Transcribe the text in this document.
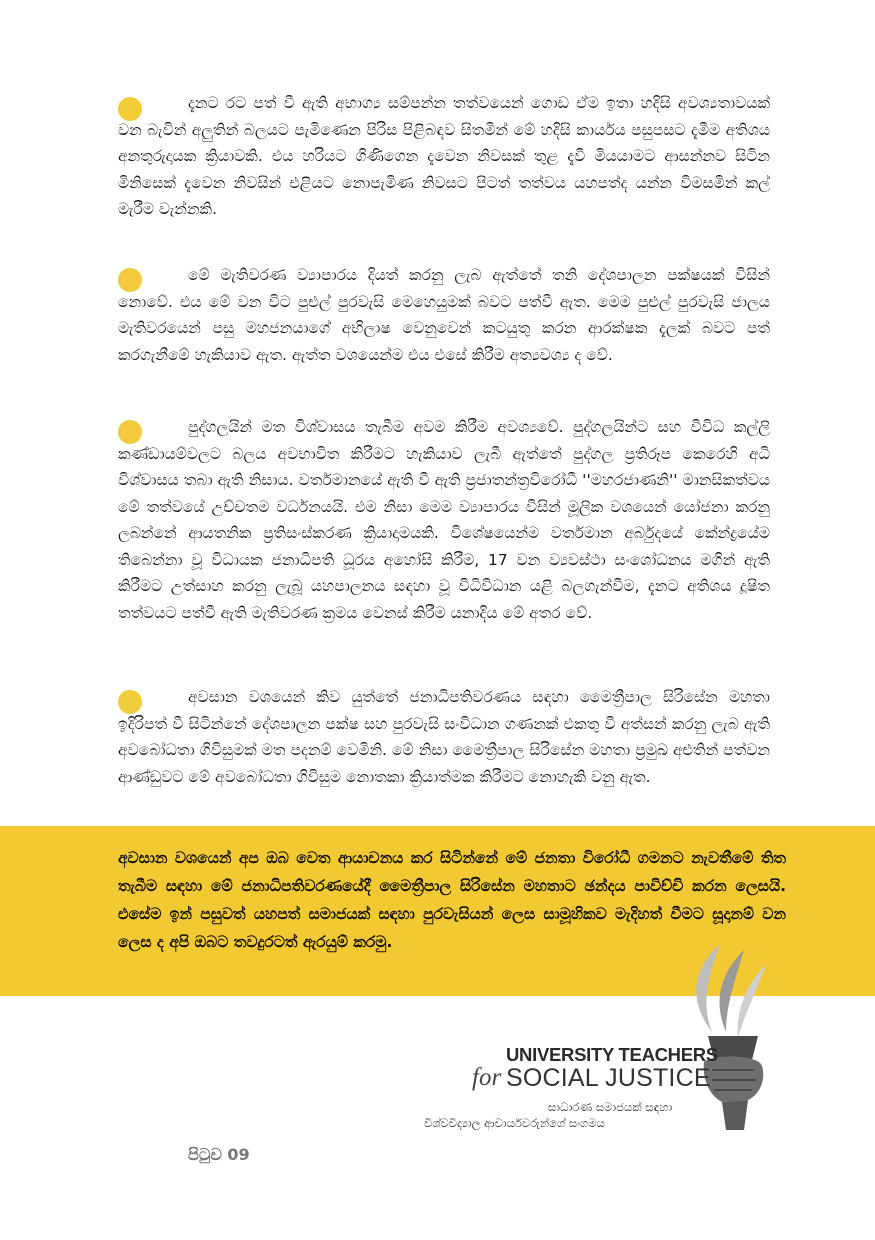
දැනට රට පත් වී ඇති අභාග්‍ය සම්පන්න තත්වයෙන් ගොඩ ඒම ඉතා හදිසි අවශ්‍යතාවයක් වන බැවින් අලුතින් බලයට පැමිණෙන පිරිස පිළිබඳව සිතමින් මේ හදිසි කාර්යය පසුපසට දැමීම අතිශය අනතුරුදායක ක්‍රියාවකි. එය හරියට ගිණිගෙන දැවෙන නිවසක් තුළ දැවී මියයාමට ආසන්නව සිටින මිනිසෙක් දැවෙන නිවසින් එළියට නොපැමිණ නිවසට පිටත් තත්වය යහපත්ද යන්න විමසමින් කල් මැරීම වැන්නකි.

මේ මැතිවරණ ව්‍යාපාරය දියත් කරනු ලැබ ඇත්තේ තනි දේශපාලන පක්ෂයක් විසින් නොවේ. එය මේ වන විට පුළුල් පුරවැසි මෙහෙයුමක් බවට පත්වී ඇත. මෙම පුළුල් පුරවැසි ජාලය මැතිවරයෙන් පසු මහජනයාගේ අභිලාෂ වෙනුවෙන් කටයුතු කරන ආරක්ෂක දැලක් බවට පත් කරගැනීමේ හැකියාව ඇත. ඇත්ත වශයෙන්ම එය එසේ කිරීම අත්‍යවශ්‍ය ද වේ.

පුද්ගලයින් මත විශ්වාසය තැබීම අවම කිරීම අවශ්‍යවේ. පුද්ගලයින්ට සහ විවිධ කල්ලි කණ්ඩායම්වලට බලය අවභාවිත කිරීමට හැකියාව ලැබී ඇත්තේ පුද්ගල ප්‍රතිරූප කෙරෙහි අධි විශ්වාසය තබා ඇති නිසාය. වර්තමානයේ ඇති වී ඇති ප්‍රජාතන්ත්‍රවිරෝධී ''මහරජාණනි'' මානසිකත්වය මේ තත්වයේ උච්චතම වර්ධනයයි. එම නිසා මෙම ව්‍යාපාරය විසින් මූලික වශයෙන් යෝජනා කරනු ලබන්නේ ආයතනික ප්‍රතිසංස්කරණ ක්‍රියාදාමයකි. විශේෂයෙන්ම වර්තමාන අර්බුදයේ කේන්ද්‍රයේම තිබෙන්නා වූ විධායක ජනාධිපති ධූරය අහෝසි කිරීම, 17 වන ව්‍යවස්ථා සංශෝධනය මගින් ඇති කිරීමට උත්සාහ කරනු ලැබූ යහපාලනය සඳහා වූ විධිවිධාන යළි බලගැන්වීම, දැනට අතිශය දූෂිත තත්වයට පත්වී ඇති මැතිවරණ ක්‍රමය වෙනස් කිරීම යනාදිය මේ අතර වේ.

අවසාන වශයෙන් කිව යුත්තේ ජනාධිපතිවරණය සඳහා මෛත්‍රීපාල සිරිසේන මහතා ඉදිරිපත් වී සිටින්නේ දේශපාලන පක්ෂ සහ පුරවැසි සංවිධාන ගණනක් එකතු වී අත්සන් කරනු ලැබ ඇති අවබෝධතා ගිවිසුමක් මත පදනම් වෙමිනි. මේ නිසා මෛත්‍රීපාල සිරිසේන මහතා ප්‍රමුඛ අළුතින් පත්වන ආණ්ඩුවට මේ අවබෝධතා ගිවිසුම නොතකා ක්‍රියාත්මක කිරීමට නොහැකි වනු ඇත.

අවසාන වශයෙන් අප ඔබ වෙත ආයාචනය කර සිටින්නේ මේ ජනතා විරෝධී ගමනට නැවතීමේ තිත තැබීම සඳහා මේ ජනාධිපතිවරණයේදී මෛත්‍රීපාල සිරිසේන මහතාට ඡන්දය පාවිච්චි කරන ලෙසයි. එසේම ඉන් පසුවත් යහපත් සමාජයක් සඳහා පුරවැසියන් ලෙස සාමූහිකව මැදිහත් වීමට සූදානම් වන ලෙස ද අපි ඔබට තවදුරටත් ඇරයුම් කරමු.

UNIVERSITY TEACHERS
for SOCIAL JUSTICE
සාධාරණ සමාජයක් සඳහා
විශ්වවිද්‍යාල ආචාර්යවරුන්ගේ සංගමය
පිටුව 09
